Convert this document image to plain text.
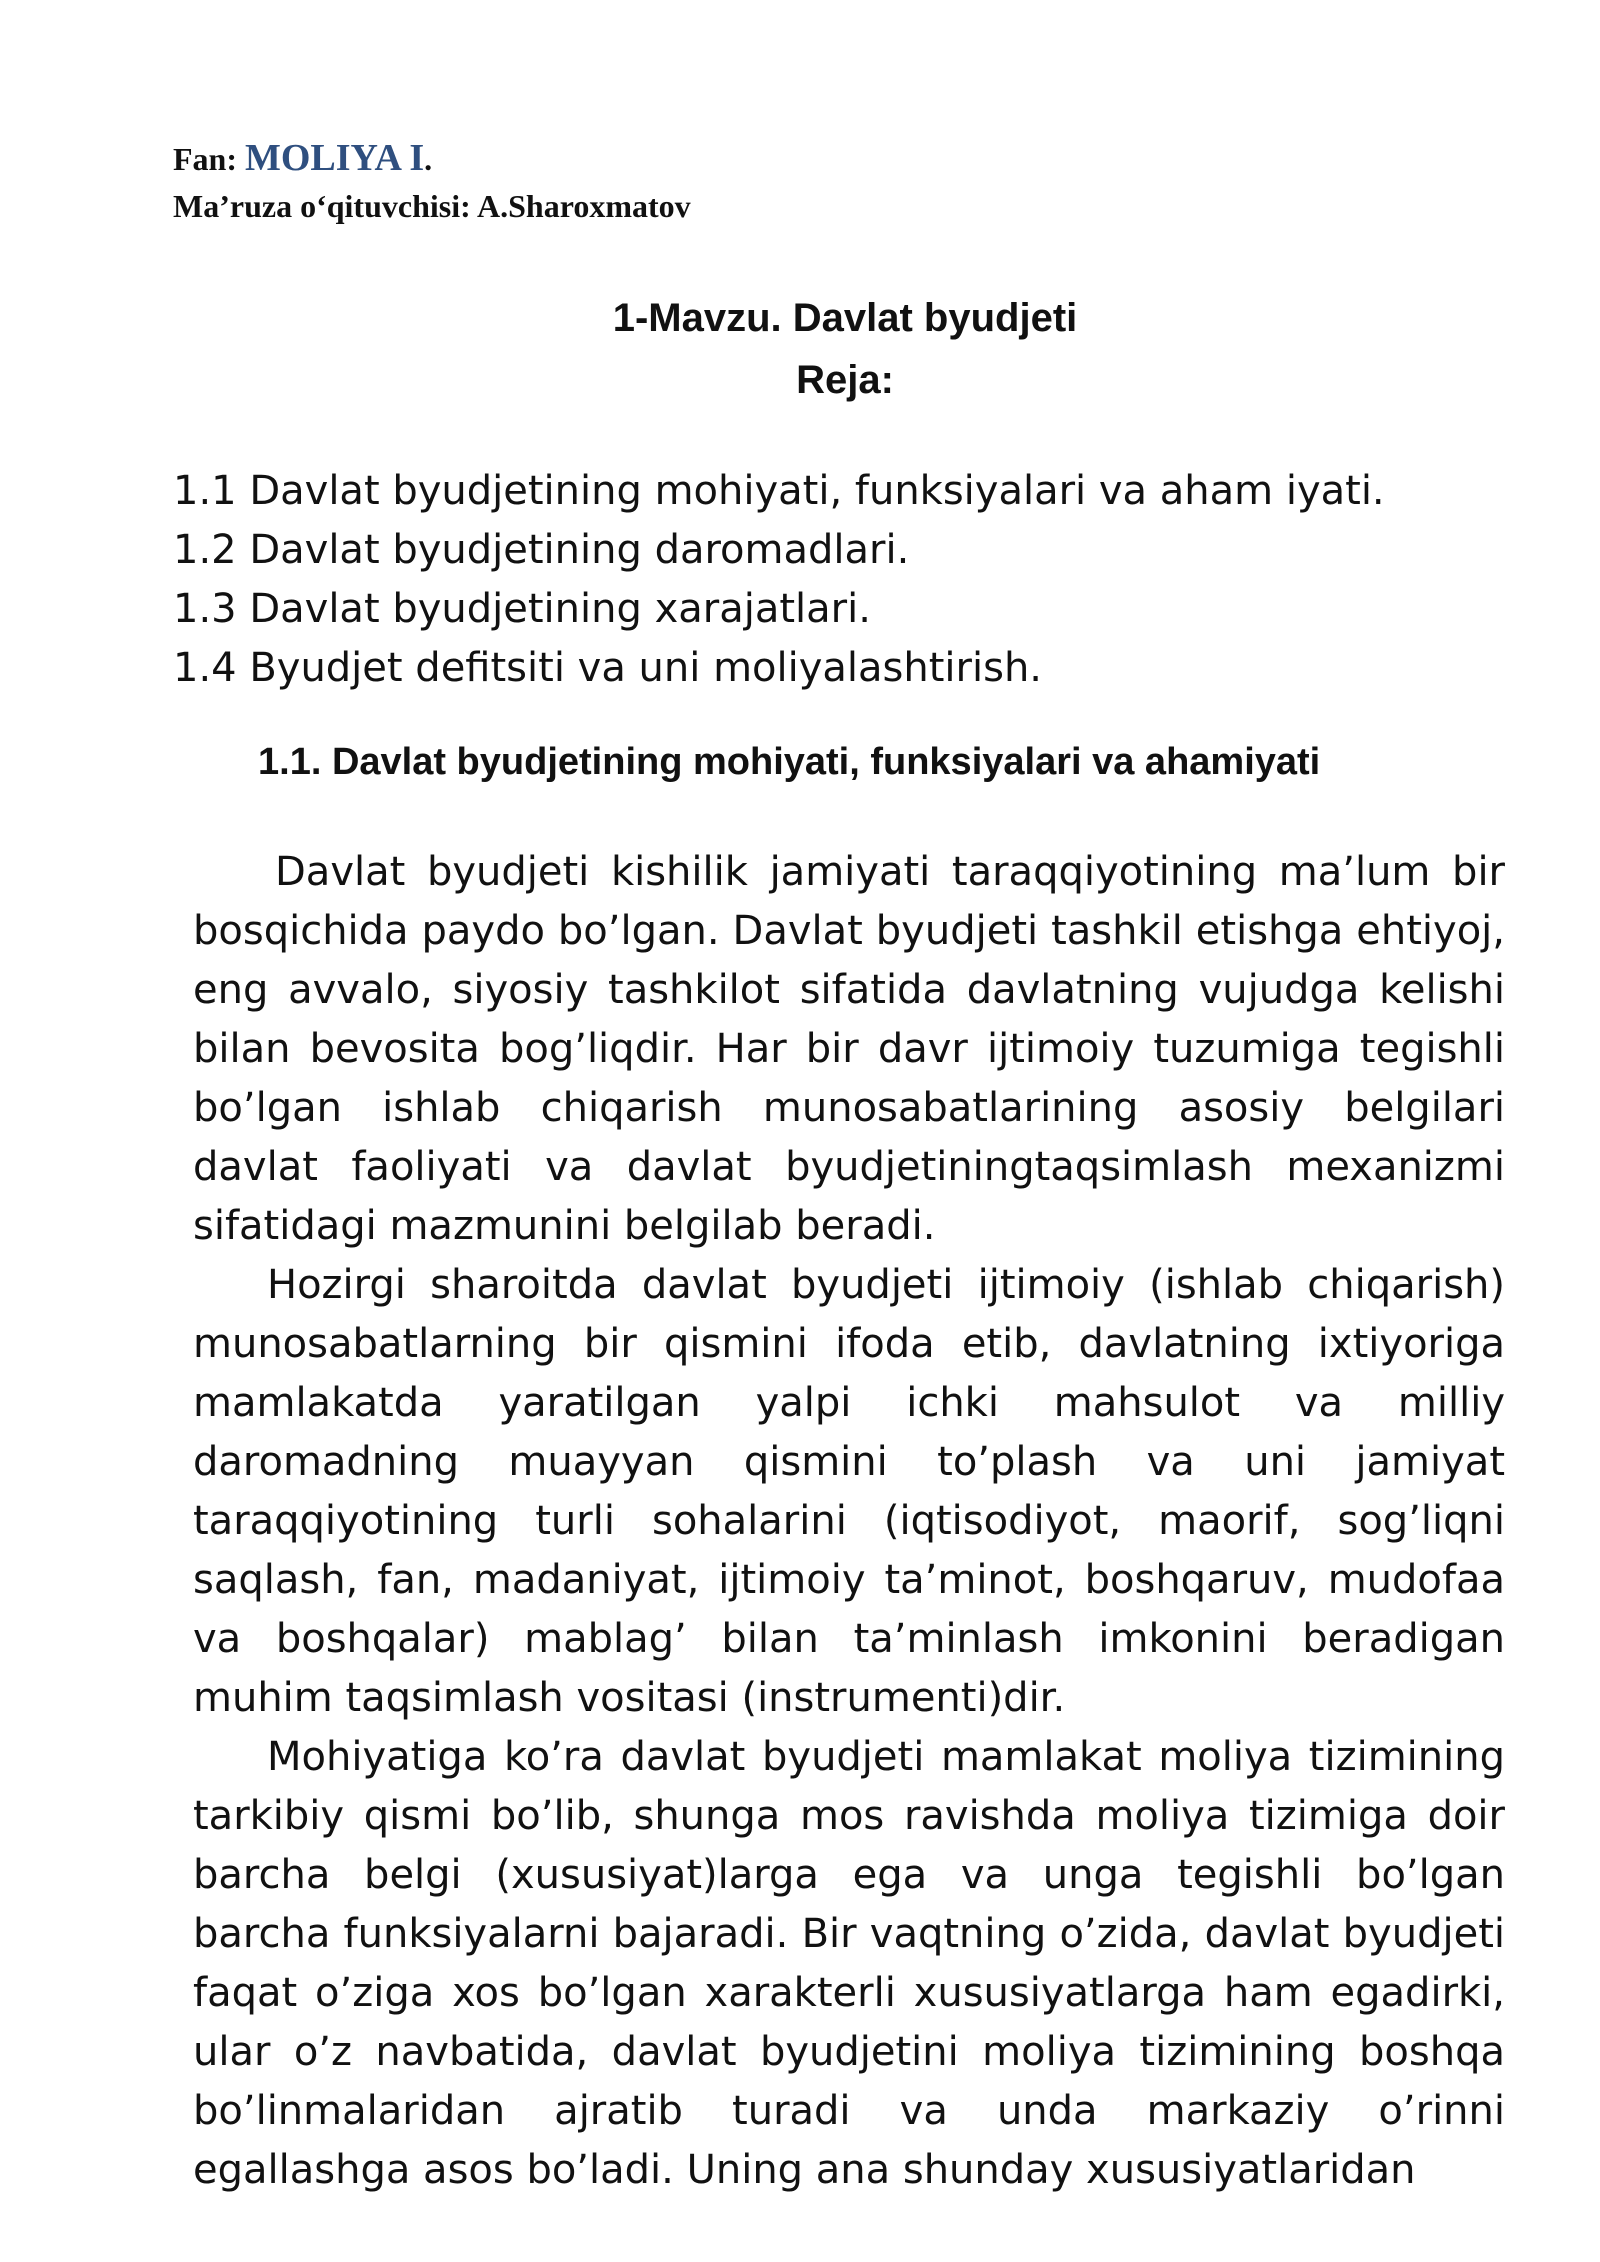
Fan: MOLIYA I.
Ma’ruza o‘qituvchisi: A.Sharoxmatov
1-Mavzu. Davlat byudjeti
Reja:
1.1 Davlat byudjetining mohiyati, funksiyalari va aham iyati.
1.2 Davlat byudjetining daromadlari.
1.3 Davlat byudjetining xarajatlari.
1.4 Byudjet defitsiti va uni moliyalashtirish.
1.1. Davlat byudjetining mohiyati, funksiyalari va ahamiyati

Davlat byudjeti kishilik jamiyati taraqqiyotining ma’lum bir bosqichida paydo bo’lgan. Davlat byudjeti tashkil etishga ehtiyoj, eng avvalo, siyosiy tashkilot sifatida davlatning vujudga kelishi bilan bevosita bog’liqdir. Har bir davr ijtimoiy tuzumiga tegishli bo’lgan ishlab chiqarish munosabatlarining asosiy belgilari davlat faoliyati va davlat byudjetiningtaqsimlash mexanizmi sifatidagi mazmunini belgilab beradi.

Hozirgi sharoitda davlat byudjeti ijtimoiy (ishlab chiqarish) munosabatlarning bir qismini ifoda etib, davlatning ixtiyoriga mamlakatda yaratilgan yalpi ichki mahsulot va milliy daromadning muayyan qismini to’plash va uni jamiyat taraqqiyotining turli sohalarini (iqtisodiyot, maorif, sog’liqni saqlash, fan, madaniyat, ijtimoiy ta’minot, boshqaruv, mudofaa va boshqalar) mablag’ bilan ta’minlash imkonini beradigan muhim taqsimlash vositasi (instrumenti)dir.

Mohiyatiga ko’ra davlat byudjeti mamlakat moliya tizimining tarkibiy qismi bo’lib, shunga mos ravishda moliya tizimiga doir barcha belgi (xususiyat)larga ega va unga tegishli bo’lgan barcha funksiyalarni bajaradi. Bir vaqtning o’zida, davlat byudjeti faqat o’ziga xos bo’lgan xarakterli xususiyatlarga ham egadirki, ular o’z navbatida, davlat byudjetini moliya tizimining boshqa bo’linmalaridan ajratib turadi va unda markaziy o’rinni egallashga asos bo’ladi. Uning ana shunday xususiyatlaridan
